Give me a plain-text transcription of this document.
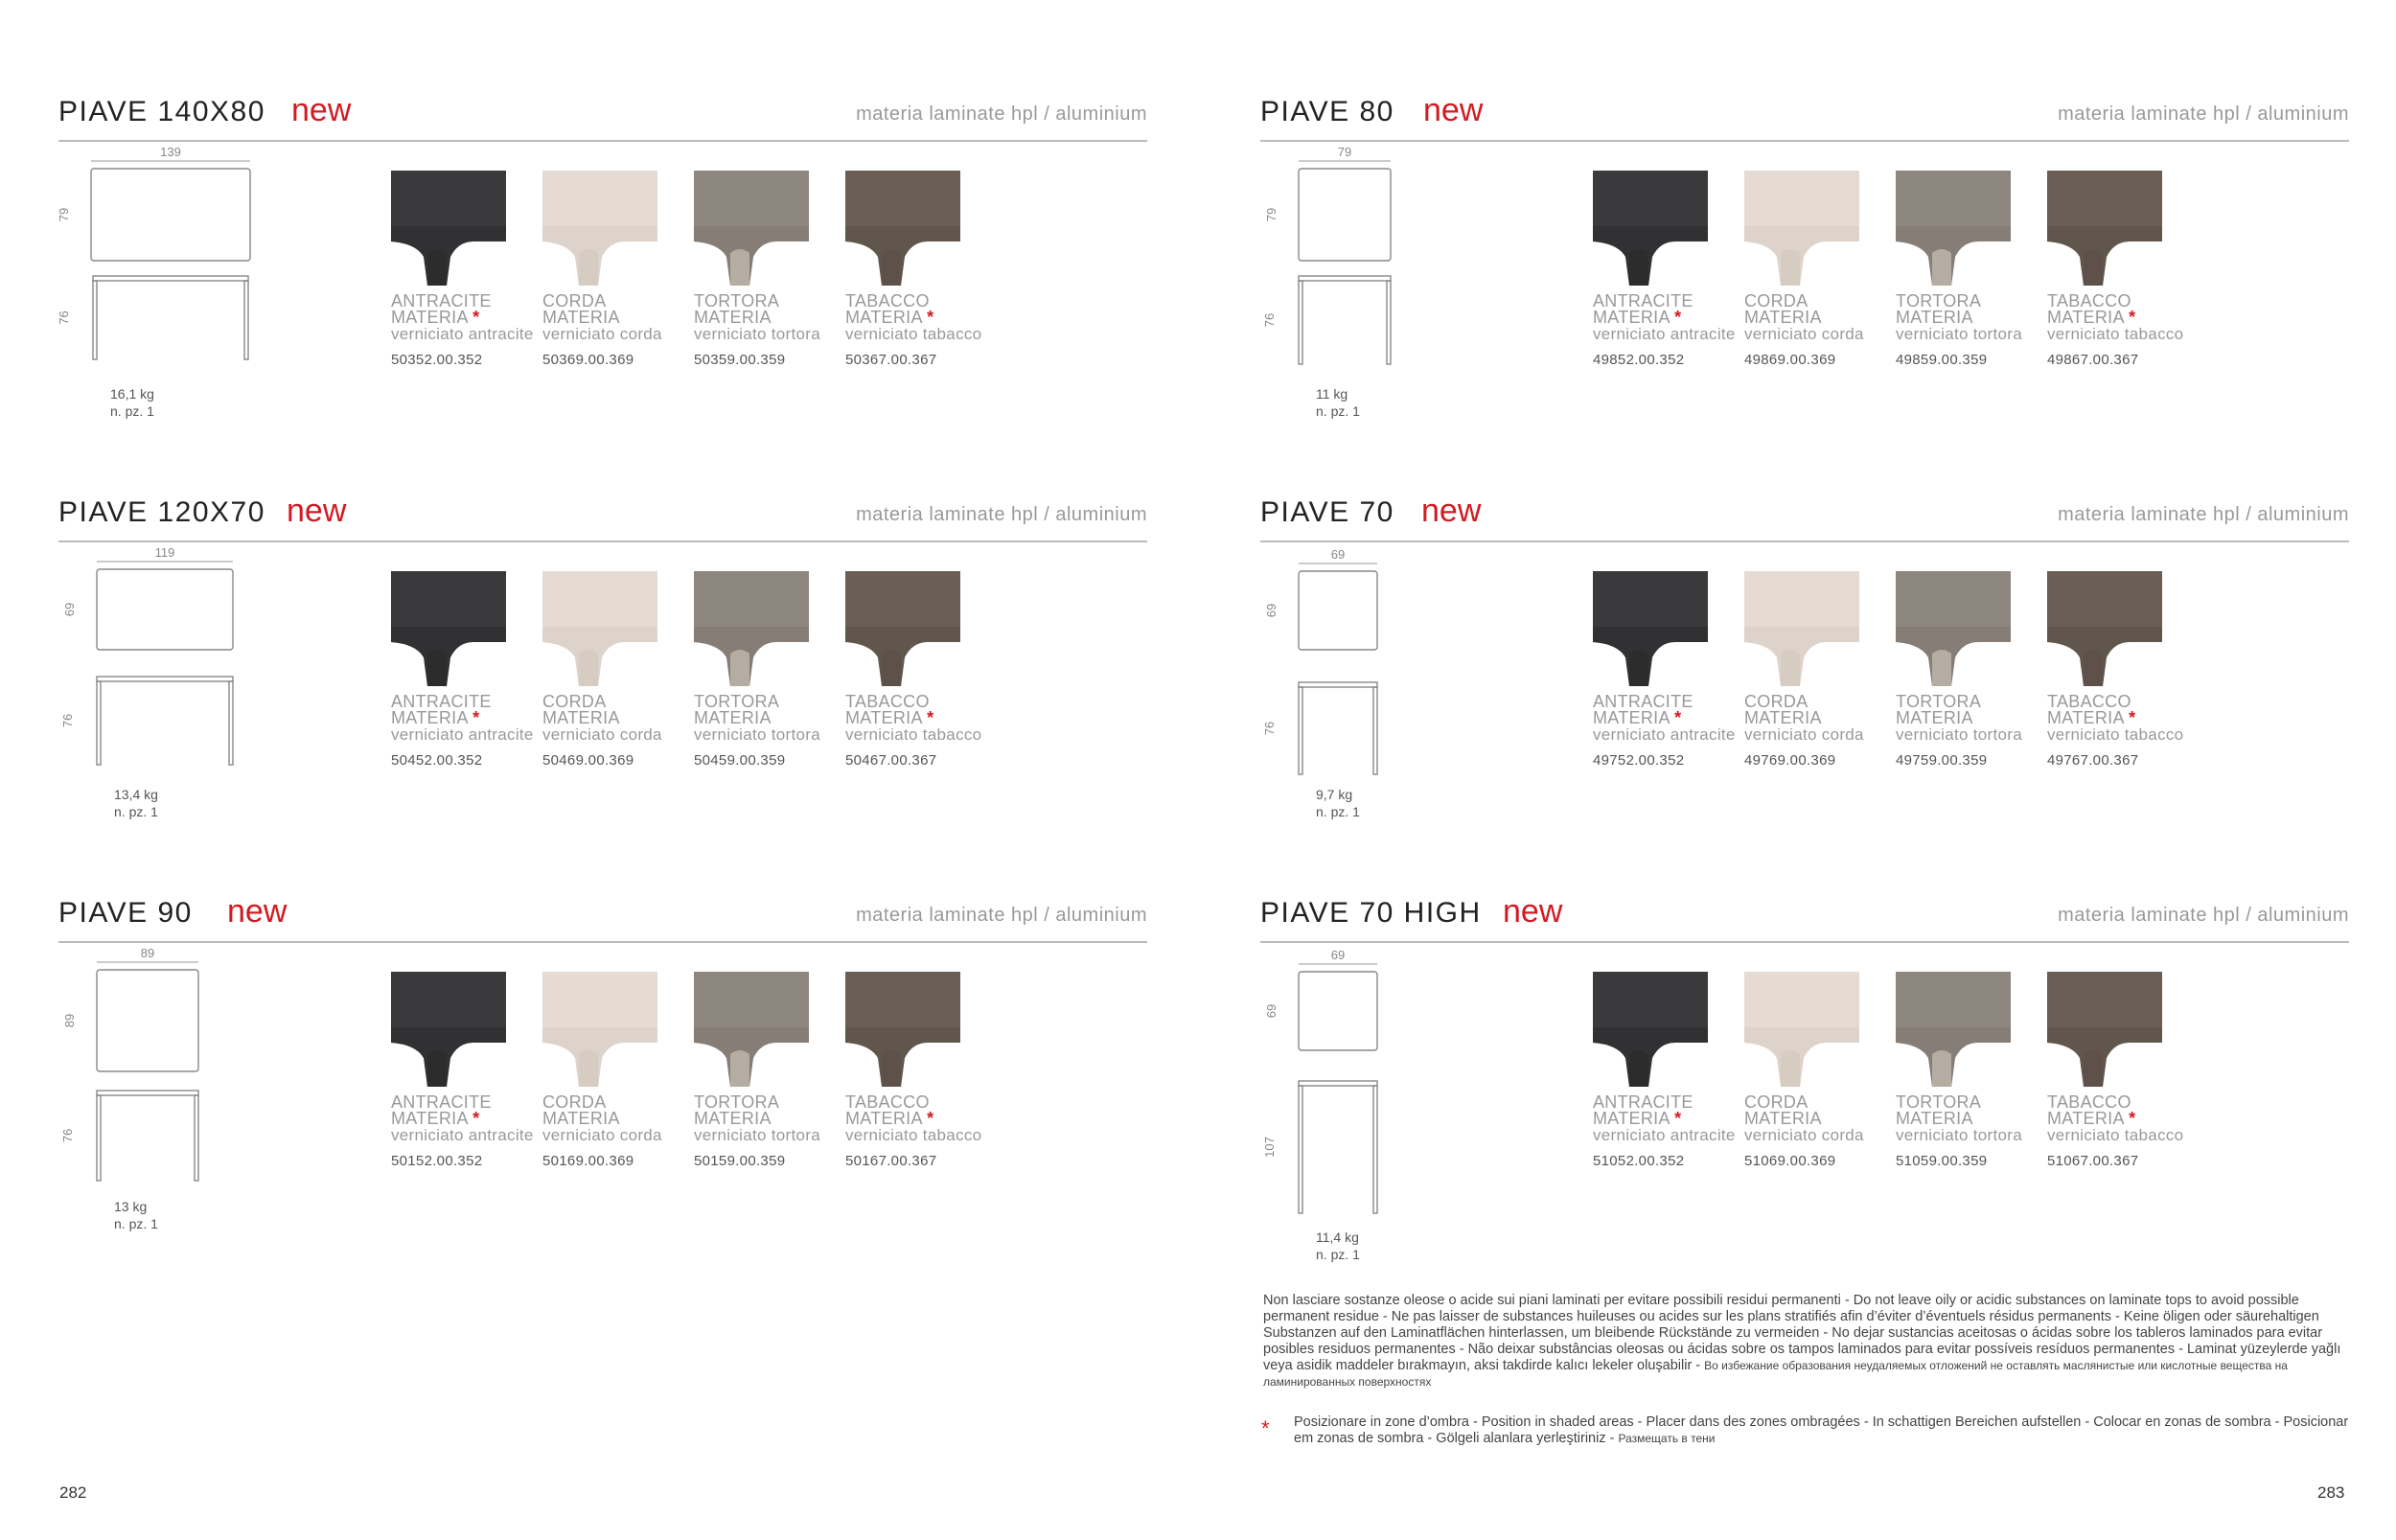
PIAVE 140X80 new	materia laminate hpl / aluminium
139
79
76
16,1 kg
n. pz. 1
ANTRACITE
MATERIA *
verniciato antracite
50352.00.352
CORDA
MATERIA
verniciato corda
50369.00.369
TORTORA
MATERIA
verniciato tortora
50359.00.359
TABACCO
MATERIA *
verniciato tabacco
50367.00.367
PIAVE 120X70 new	materia laminate hpl / aluminium
119
69
76
13,4 kg
n. pz. 1
ANTRACITE
MATERIA *
verniciato antracite
50452.00.352
CORDA
MATERIA
verniciato corda
50469.00.369
TORTORA
MATERIA
verniciato tortora
50459.00.359
TABACCO
MATERIA *
verniciato tabacco
50467.00.367
PIAVE 90 new	materia laminate hpl / aluminium
89
89
76
13 kg
n. pz. 1
ANTRACITE
MATERIA *
verniciato antracite
50152.00.352
CORDA
MATERIA
verniciato corda
50169.00.369
TORTORA
MATERIA
verniciato tortora
50159.00.359
TABACCO
MATERIA *
verniciato tabacco
50167.00.367
PIAVE 80 new	materia laminate hpl / aluminium
79
79
76
11 kg
n. pz. 1
ANTRACITE
MATERIA *
verniciato antracite
49852.00.352
CORDA
MATERIA
verniciato corda
49869.00.369
TORTORA
MATERIA
verniciato tortora
49859.00.359
TABACCO
MATERIA *
verniciato tabacco
49867.00.367
PIAVE 70 new	materia laminate hpl / aluminium
69
69
76
9,7 kg
n. pz. 1
ANTRACITE
MATERIA *
verniciato antracite
49752.00.352
CORDA
MATERIA
verniciato corda
49769.00.369
TORTORA
MATERIA
verniciato tortora
49759.00.359
TABACCO
MATERIA *
verniciato tabacco
49767.00.367
PIAVE 70 HIGH new	materia laminate hpl / aluminium
69
69
107
11,4 kg
n. pz. 1
ANTRACITE
MATERIA *
verniciato antracite
51052.00.352
CORDA
MATERIA
verniciato corda
51069.00.369
TORTORA
MATERIA
verniciato tortora
51059.00.359
TABACCO
MATERIA *
verniciato tabacco
51067.00.367
Non lasciare sostanze oleose o acide sui piani laminati per evitare possibili residui permanenti - Do not leave oily or acidic substances on laminate tops to avoid possible permanent residue - Ne pas laisser de substances huileuses ou acides sur les plans stratifiés afin d’éviter d’éventuels résidus permanents - Keine öligen oder säurehaltigen Substanzen auf den Laminatflächen hinterlassen, um bleibende Rückstände zu vermeiden - No dejar sustancias aceitosas o ácidas sobre los tableros laminados para evitar posibles residuos permanentes - Não deixar substâncias oleosas ou ácidas sobre os tampos laminados para evitar possíveis resíduos permanentes - Laminat yüzeylerde yağlı veya asidik maddeler bırakmayın, aksi takdirde kalıcı lekeler oluşabilir - Во избежание образования неудаляемых отложений не оставлять маслянистые или кислотные вещества на ламинированных поверхностях
* Posizionare in zone d’ombra - Position in shaded areas - Placer dans des zones ombragées - In schattigen Bereichen aufstellen - Colocar en zonas de sombra - Posicionar em zonas de sombra - Gölgeli alanlara yerleştiriniz - Размещать в тени
282	283
